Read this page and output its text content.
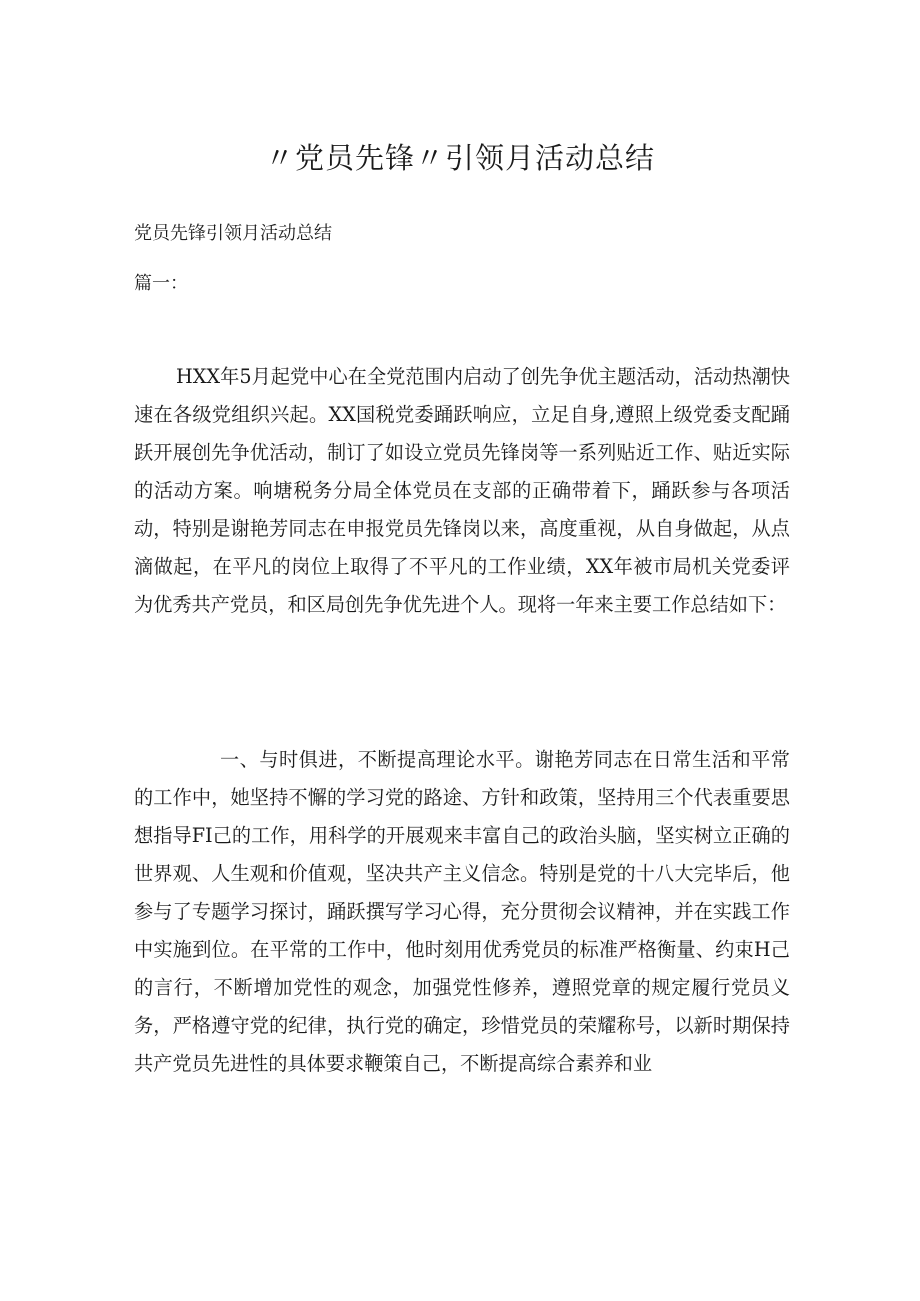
〃党员先锋〃引领月活动总结
党员先锋引领月活动总结
篇一：

HXX年5月起党中心在全党范围内启动了创先争优主题活动，活动热潮快速在各级党组织兴起。XX国税党委踊跃响应，立足自身,遵照上级党委支配踊跃开展创先争优活动，制订了如设立党员先锋岗等一系列贴近工作、贴近实际的活动方案。响塘税务分局全体党员在支部的正确带着下，踊跃参与各项活动，特别是谢艳芳同志在申报党员先锋岗以来，高度重视，从自身做起，从点滴做起，在平凡的岗位上取得了不平凡的工作业绩，XX年被市局机关党委评为优秀共产党员，和区局创先争优先进个人。现将一年来主要工作总结如下：

一、与时俱进，不断提高理论水平。谢艳芳同志在日常生活和平常的工作中，她坚持不懈的学习党的路途、方针和政策，坚持用三个代表重要思想指导FI己的工作，用科学的开展观来丰富自己的政治头脑，坚实树立正确的世界观、人生观和价值观，坚决共产主义信念。特别是党的十八大完毕后，他参与了专题学习探讨，踊跃撰写学习心得，充分贯彻会议精神，并在实践工作中实施到位。在平常的工作中，他时刻用优秀党员的标准严格衡量、约束H己的言行，不断增加党性的观念，加强党性修养，遵照党章的规定履行党员义务，严格遵守党的纪律，执行党的确定，珍惜党员的荣耀称号，以新时期保持共产党员先进性的具体要求鞭策自己，不断提高综合素养和业
